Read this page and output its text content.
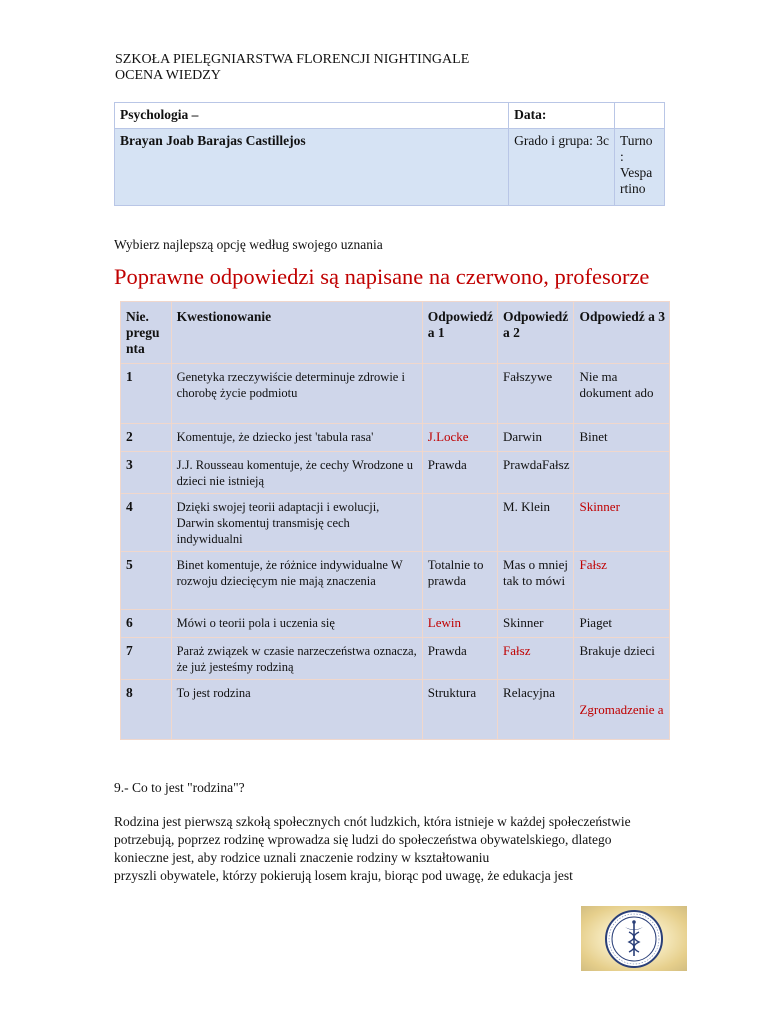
SZKOŁA PIELĘGNIARSTWA FLORENCJI NIGHTINGALE
OCENA WIEDZY
Psychologia –	Data:	
Brayan Joab Barajas Castillejos	Grado i grupa: 3c	Turno : Vespa rtino
Wybierz najlepszą opcję według swojego uznania
Poprawne odpowiedzi są napisane na czerwono, profesorze
Nie. pregu nta	Kwestionowanie	Odpowiedź a 1	Odpowiedź a 2	Odpowiedź a 3
1	Genetyka rzeczywiście determinuje zdrowie i chorobę życie podmiotu		Fałszywe	Nie ma dokument ado
2	Komentuje, że dziecko jest 'tabula rasa'	J.Locke	Darwin	Binet
3	J.J. Rousseau komentuje, że cechy Wrodzone u dzieci nie istnieją	Prawda	PrawdaFałsz	
4	Dzięki swojej teorii adaptacji i ewolucji, Darwin skomentuj transmisję cech indywidualni		M. Klein	Skinner
5	Binet komentuje, że różnice indywidualne W rozwoju dziecięcym nie mają znaczenia	Totalnie to prawda	Mas o mniej tak to mówi	Fałsz
6	Mówi o teorii pola i uczenia się	Lewin	Skinner	Piaget
7	Paraż związek w czasie narzeczeństwa oznacza, że już jesteśmy rodziną	Prawda	Fałsz	Brakuje dzieci
8	To jest rodzina	Struktura	Relacyjna	Zgromadzenie a
9.- Co to jest "rodzina"?
Rodzina jest pierwszą szkołą społecznych cnót ludzkich, która istnieje w każdej społeczeństwie
potrzebują, poprzez rodzinę wprowadza się ludzi do społeczeństwa obywatelskiego, dlatego
konieczne jest, aby rodzice uznali znaczenie rodziny w kształtowaniu
przyszli obywatele, którzy pokierują losem kraju, biorąc pod uwagę, że edukacja jest
